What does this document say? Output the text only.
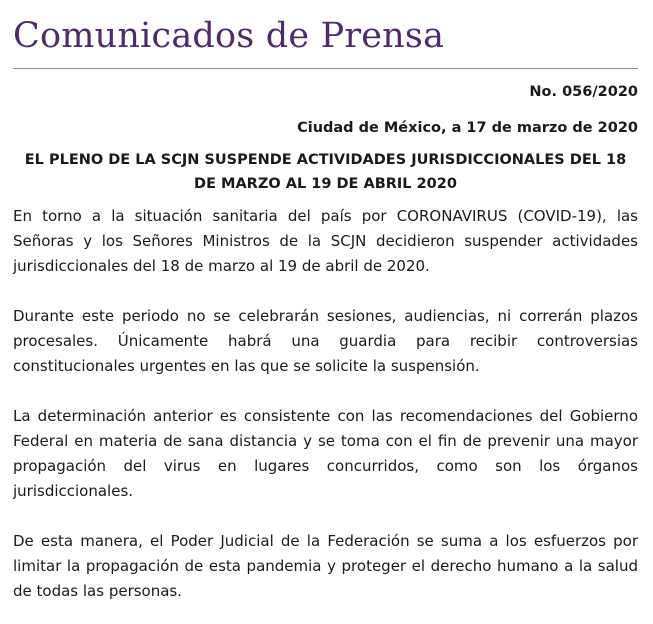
Comunicados de Prensa
No. 056/2020
Ciudad de México, a 17 de marzo de 2020
EL PLENO DE LA SCJN SUSPENDE ACTIVIDADES JURISDICCIONALES DEL 18 DE MARZO AL 19 DE ABRIL 2020

En torno a la situación sanitaria del país por CORONAVIRUS (COVID-19), las Señoras y los Señores Ministros de la SCJN decidieron suspender actividades jurisdiccionales del 18 de marzo al 19 de abril de 2020.

Durante este periodo no se celebrarán sesiones, audiencias, ni correrán plazos procesales. Únicamente habrá una guardia para recibir controversias constitucionales urgentes en las que se solicite la suspensión.

La determinación anterior es consistente con las recomendaciones del Gobierno Federal en materia de sana distancia y se toma con el fin de prevenir una mayor propagación del virus en lugares concurridos, como son los órganos jurisdiccionales.

De esta manera, el Poder Judicial de la Federación se suma a los esfuerzos por limitar la propagación de esta pandemia y proteger el derecho humano a la salud de todas las personas.
